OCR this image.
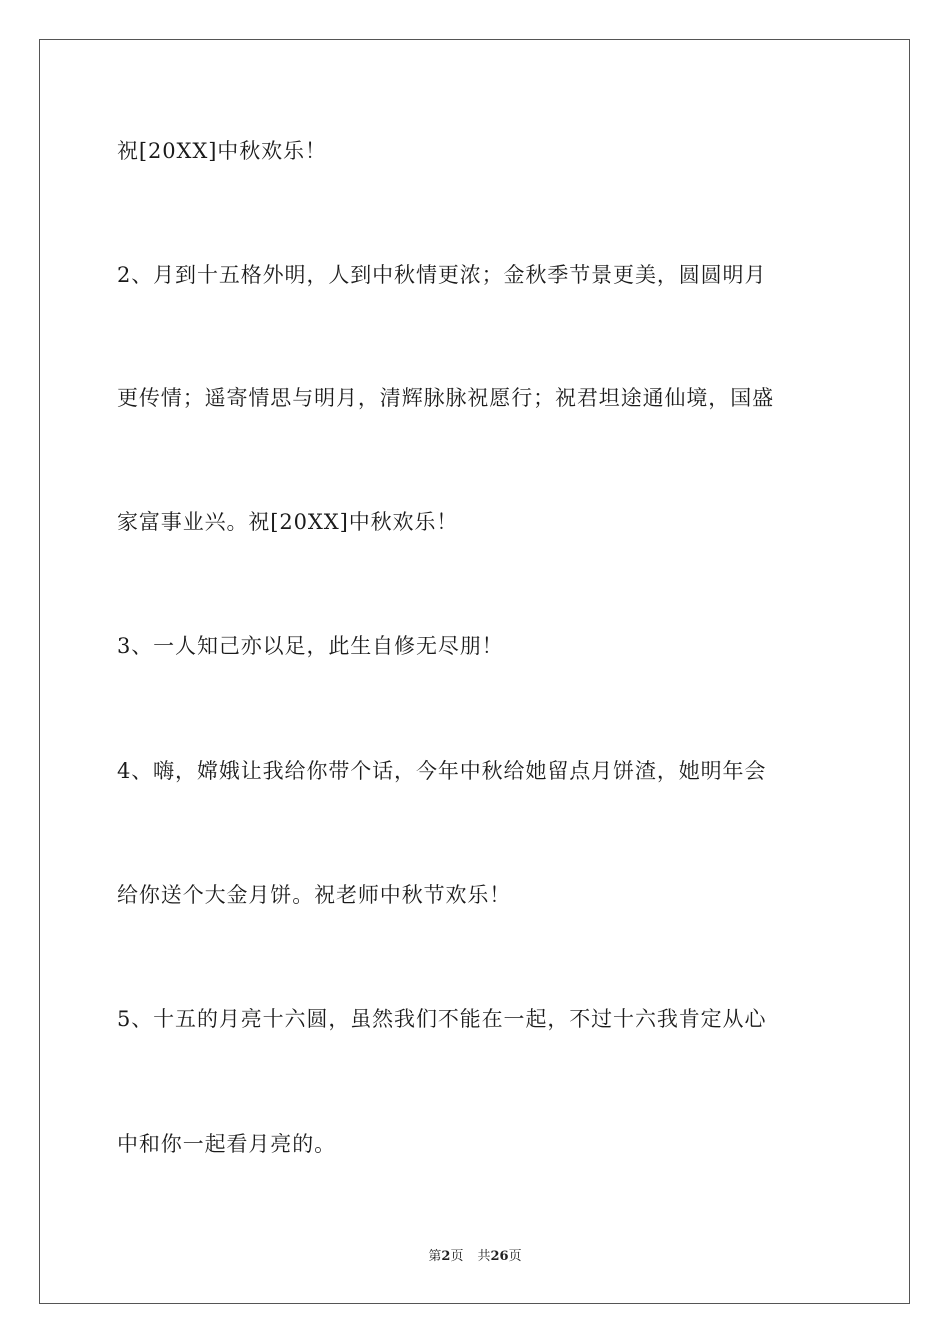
祝[20XX]中秋欢乐！
2、月到十五格外明，人到中秋情更浓；金秋季节景更美，圆圆明月
更传情；遥寄情思与明月，清辉脉脉祝愿行；祝君坦途通仙境，国盛
家富事业兴。祝[20XX]中秋欢乐！
3、一人知己亦以足，此生自修无尽朋！
4、嗨，嫦娥让我给你带个话，今年中秋给她留点月饼渣，她明年会
给你送个大金月饼。祝老师中秋节欢乐！
5、十五的月亮十六圆，虽然我们不能在一起，不过十六我肯定从心
中和你一起看月亮的。
第2页 共26页
